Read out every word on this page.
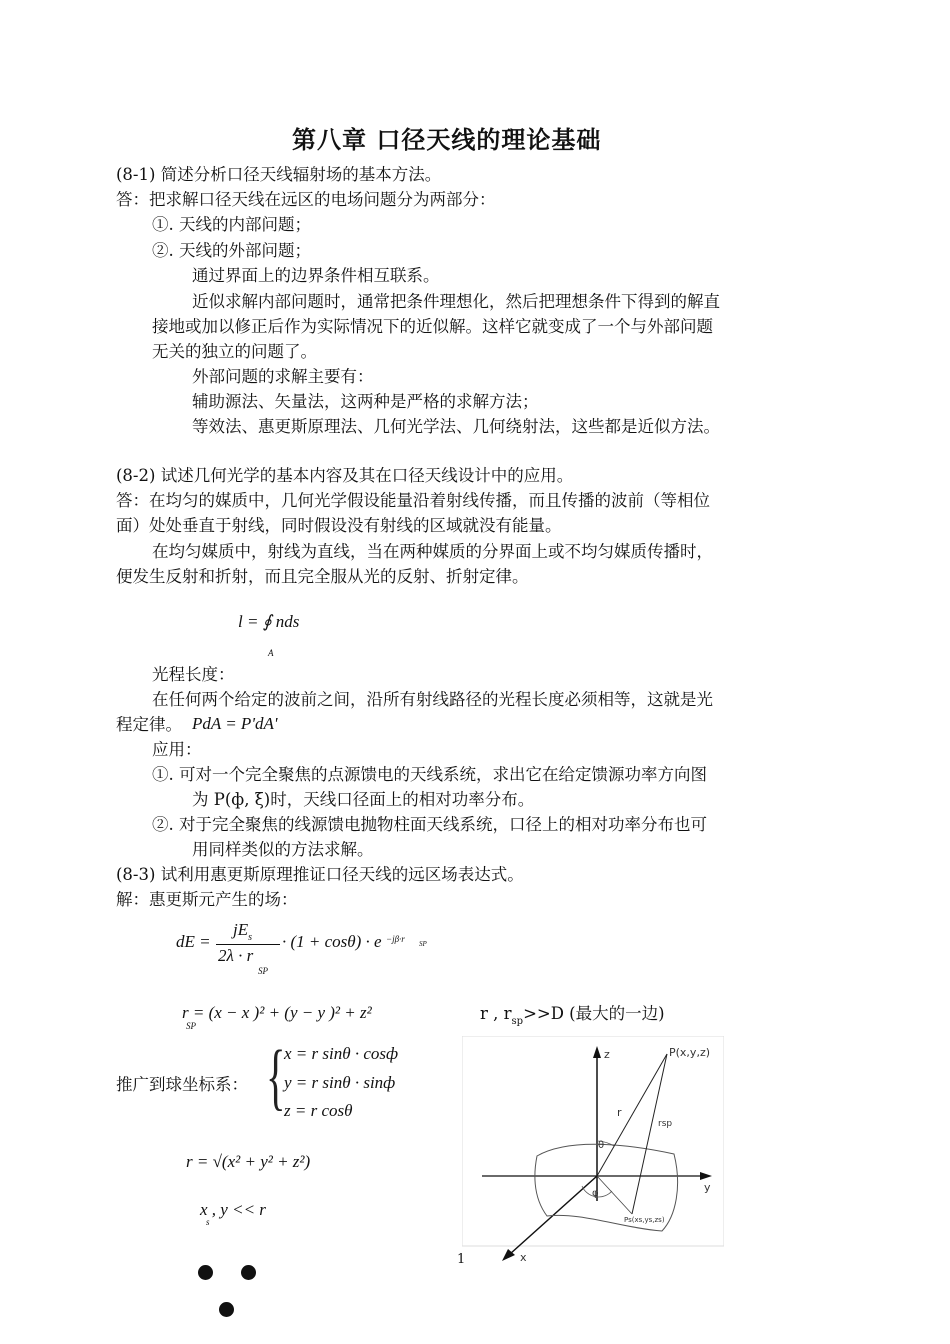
第八章 口径天线的理论基础
(8-1) 简述分析口径天线辐射场的基本方法。
答：把求解口径天线在远区的电场问题分为两部分：
①. 天线的内部问题；
②. 天线的外部问题；
通过界面上的边界条件相互联系。
近似求解内部问题时，通常把条件理想化，然后把理想条件下得到的解直
接地或加以修正后作为实际情况下的近似解。这样它就变成了一个与外部问题
无关的独立的问题了。
外部问题的求解主要有：
辅助源法、矢量法，这两种是严格的求解方法；
等效法、惠更斯原理法、几何光学法、几何绕射法，这些都是近似方法。
(8-2) 试述几何光学的基本内容及其在口径天线设计中的应用。
答：在均匀的媒质中，几何光学假设能量沿着射线传播，而且传播的波前（等相位
面）处处垂直于射线，同时假设没有射线的区域就没有能量。
在均匀媒质中，射线为直线，当在两种媒质的分界面上或不均匀媒质传播时，
便发生反射和折射，而且完全服从光的反射、折射定律。
l = ∮ nds
A
光程长度：
在任何两个给定的波前之间，沿所有射线路径的光程长度必须相等，这就是光
程定律。 PdA = P'dA'
应用：
①. 可对一个完全聚焦的点源馈电的天线系统，求出它在给定馈源功率方向图
为 P(ф, ξ)时，天线口径面上的相对功率分布。
②. 对于完全聚焦的线源馈电抛物柱面天线系统，口径上的相对功率分布也可
用同样类似的方法求解。
(8-3) 试利用惠更斯原理推证口径天线的远区场表达式。
解：惠更斯元产生的场：
dE =
$jE_s$
2λ · r
SP
· (1 + cosθ) · e −jβ·r SP
r = (x − x )² + (y − y )² + z²
SP
r , $r_{sp}>>D$ (最大的一边)
推广到球坐标系： {
x = r sinθ · cosф
y = r sinθ · sinф
z = r cosθ
r = √(x² + y² + z²)
x , y << r
s
z
y
x
P(x,y,z)
r
rsp
θ
φ
Ps(xs,ys,zs)
1
